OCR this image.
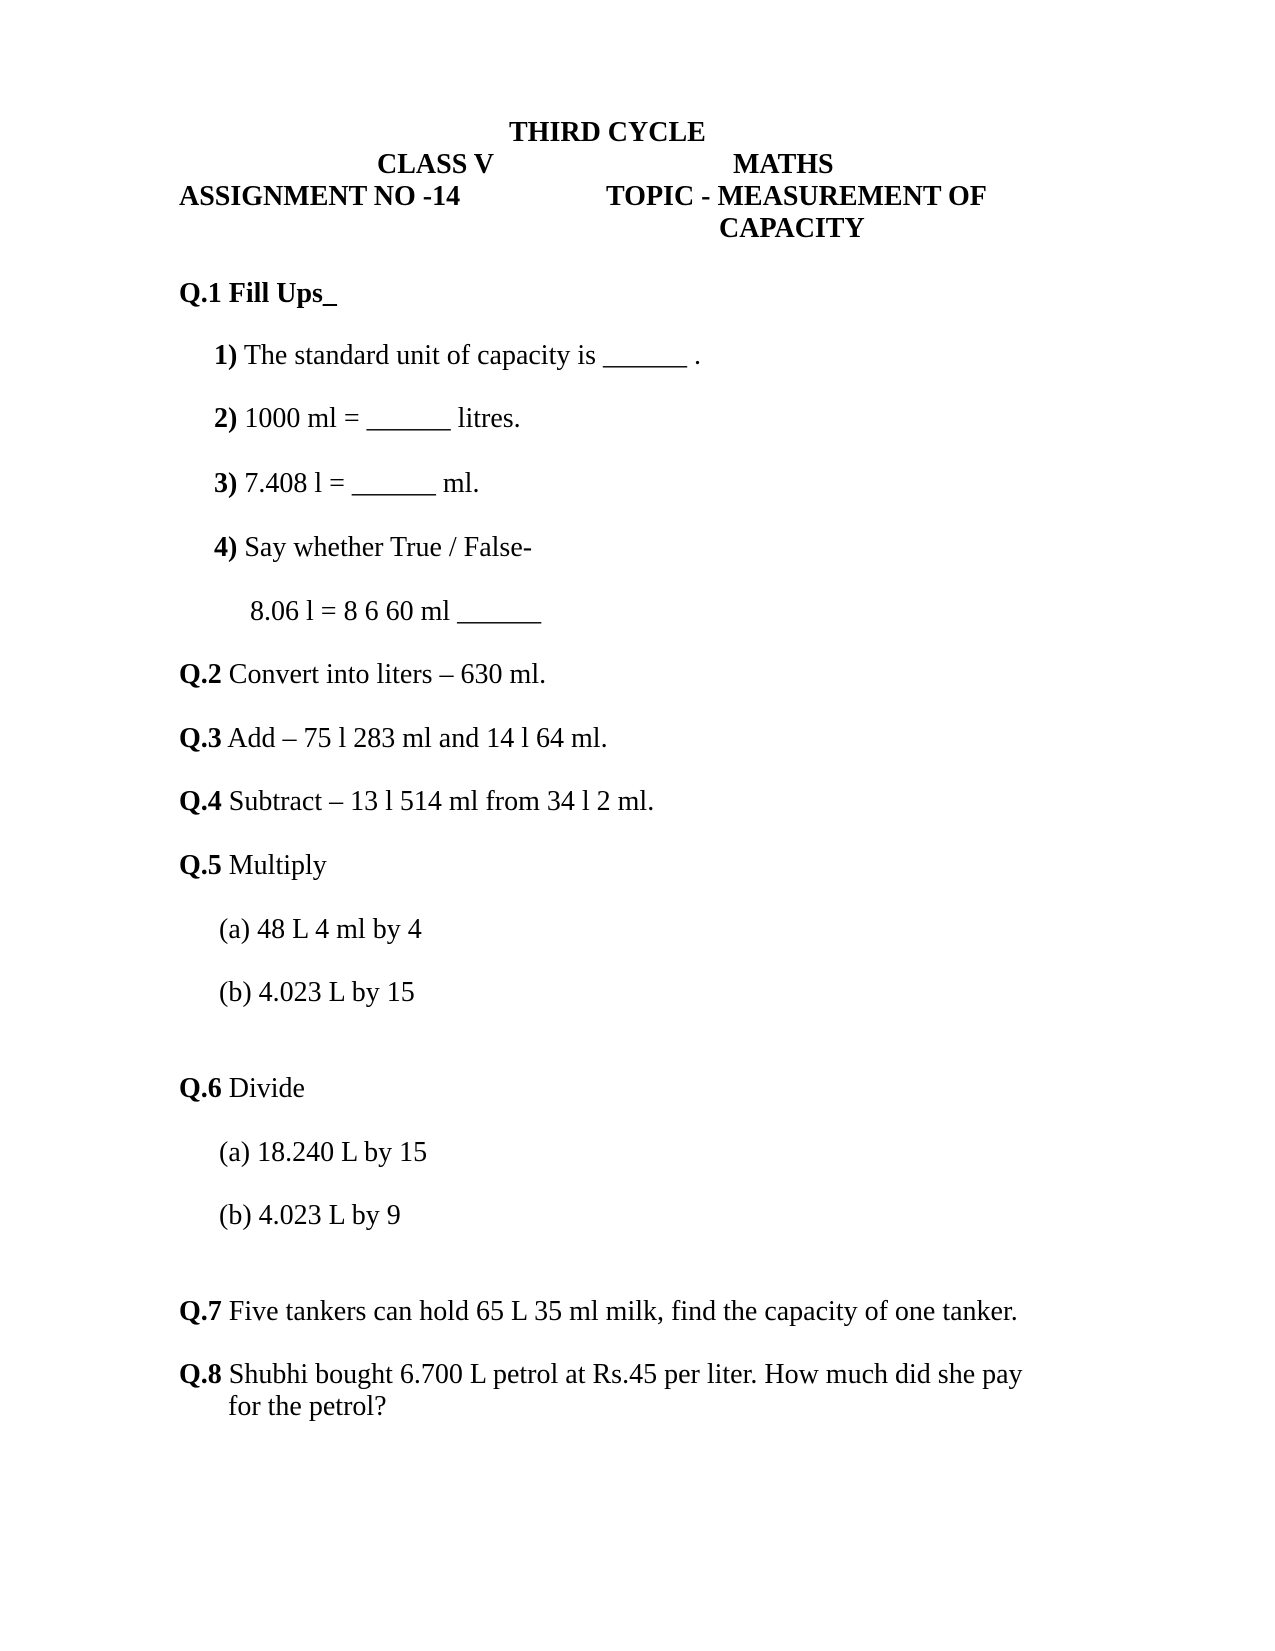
THIRD CYCLE
CLASS V	MATHS
ASSIGNMENT NO -14	TOPIC - MEASUREMENT OF
CAPACITY
Q.1 Fill Ups_
1) The standard unit of capacity is ______ .
2) 1000 ml = ______ litres.
3) 7.408 l = ______ ml.
4) Say whether True / False-
8.06 l = 8 6 60 ml ______
Q.2 Convert into liters – 630 ml.
Q.3 Add – 75 l 283 ml and 14 l 64 ml.
Q.4 Subtract – 13 l 514 ml from 34 l 2 ml.
Q.5 Multiply
(a) 48 L 4 ml by 4
(b) 4.023 L by 15
Q.6 Divide
(a) 18.240 L by 15
(b) 4.023 L by 9
Q.7 Five tankers can hold 65 L 35 ml milk, find the capacity of one tanker.
Q.8 Shubhi bought 6.700 L petrol at Rs.45 per liter. How much did she pay
for the petrol?
